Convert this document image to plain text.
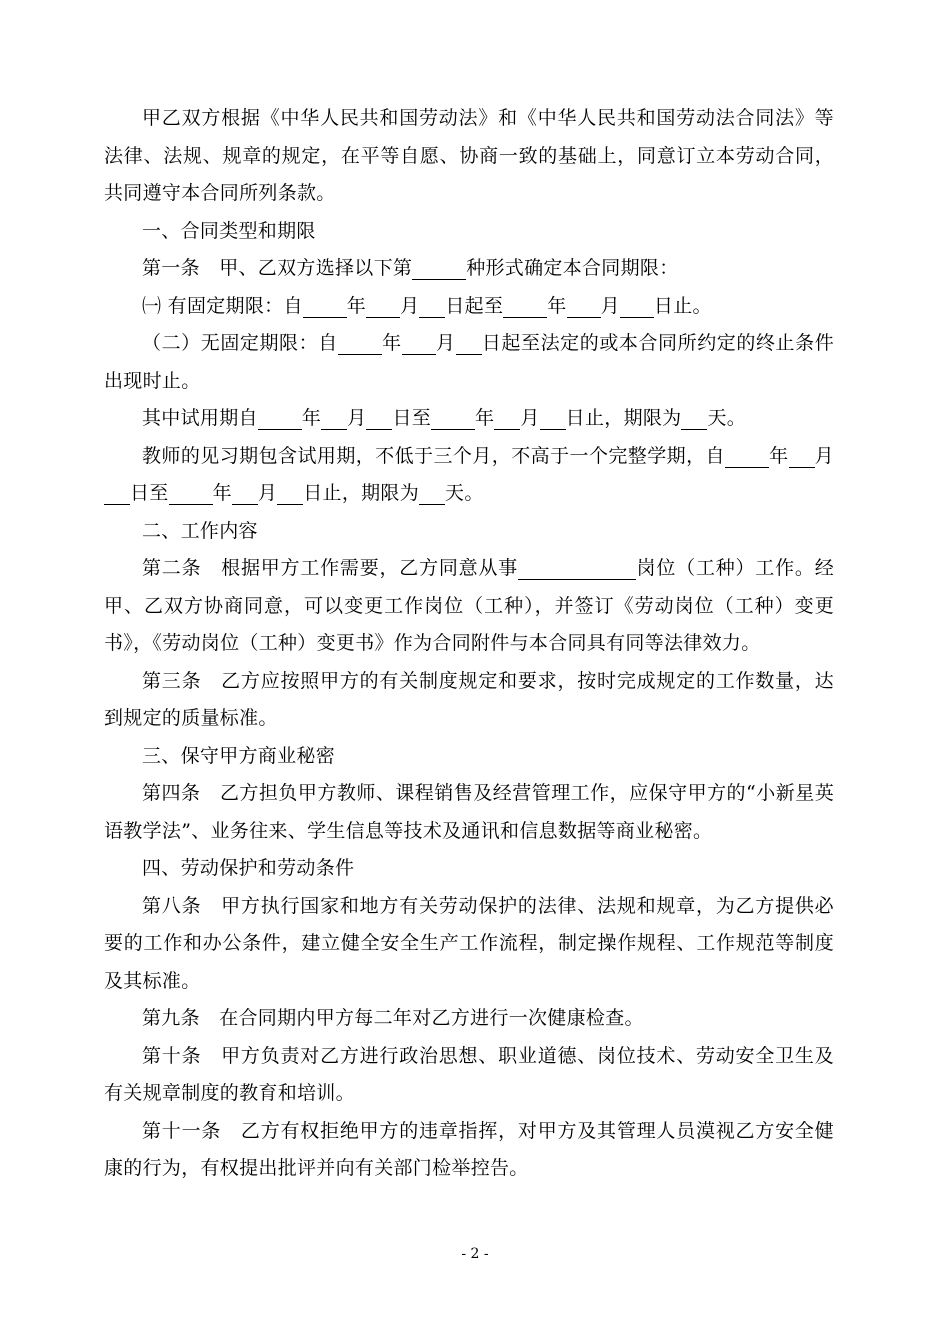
甲乙双方根据《中华人民共和国劳动法》和《中华人民共和国劳动法合同法》等法律、法规、规章的规定，在平等自愿、协商一致的基础上，同意订立本劳动合同，共同遵守本合同所列条款。

一、合同类型和期限

第一条　甲、乙双方选择以下第	种形式确定本合同期限：

㈠ 有固定期限：自 年 月 日起至 年 月 日止。

（二）无固定期限：自 年 月 日起至法定的或本合同所约定的终止条件出现时止。

其中试用期自 年 月 日至 年 月 日止，期限为 天。

教师的见习期包含试用期，不低于三个月，不高于一个完整学期，自 年 月日至 年 月 日止，期限为 天。

二、工作内容

第二条　根据甲方工作需要，乙方同意从事	岗位（工种）工作。经甲、乙双方协商同意，可以变更工作岗位（工种），并签订《劳动岗位（工种）变更书》，《劳动岗位（工种）变更书》作为合同附件与本合同具有同等法律效力。

第三条　乙方应按照甲方的有关制度规定和要求，按时完成规定的工作数量，达到规定的质量标准。

三、保守甲方商业秘密

第四条　乙方担负甲方教师、课程销售及经营管理工作，应保守甲方的“小新星英语教学法”、业务往来、学生信息等技术及通讯和信息数据等商业秘密。

四、劳动保护和劳动条件

第八条　甲方执行国家和地方有关劳动保护的法律、法规和规章，为乙方提供必要的工作和办公条件，建立健全安全生产工作流程，制定操作规程、工作规范等制度及其标准。

第九条　在合同期内甲方每二年对乙方进行一次健康检查。

第十条　甲方负责对乙方进行政治思想、职业道德、岗位技术、劳动安全卫生及有关规章制度的教育和培训。

第十一条　乙方有权拒绝甲方的违章指挥，对甲方及其管理人员漠视乙方安全健康的行为，有权提出批评并向有关部门检举控告。

- 2 -
